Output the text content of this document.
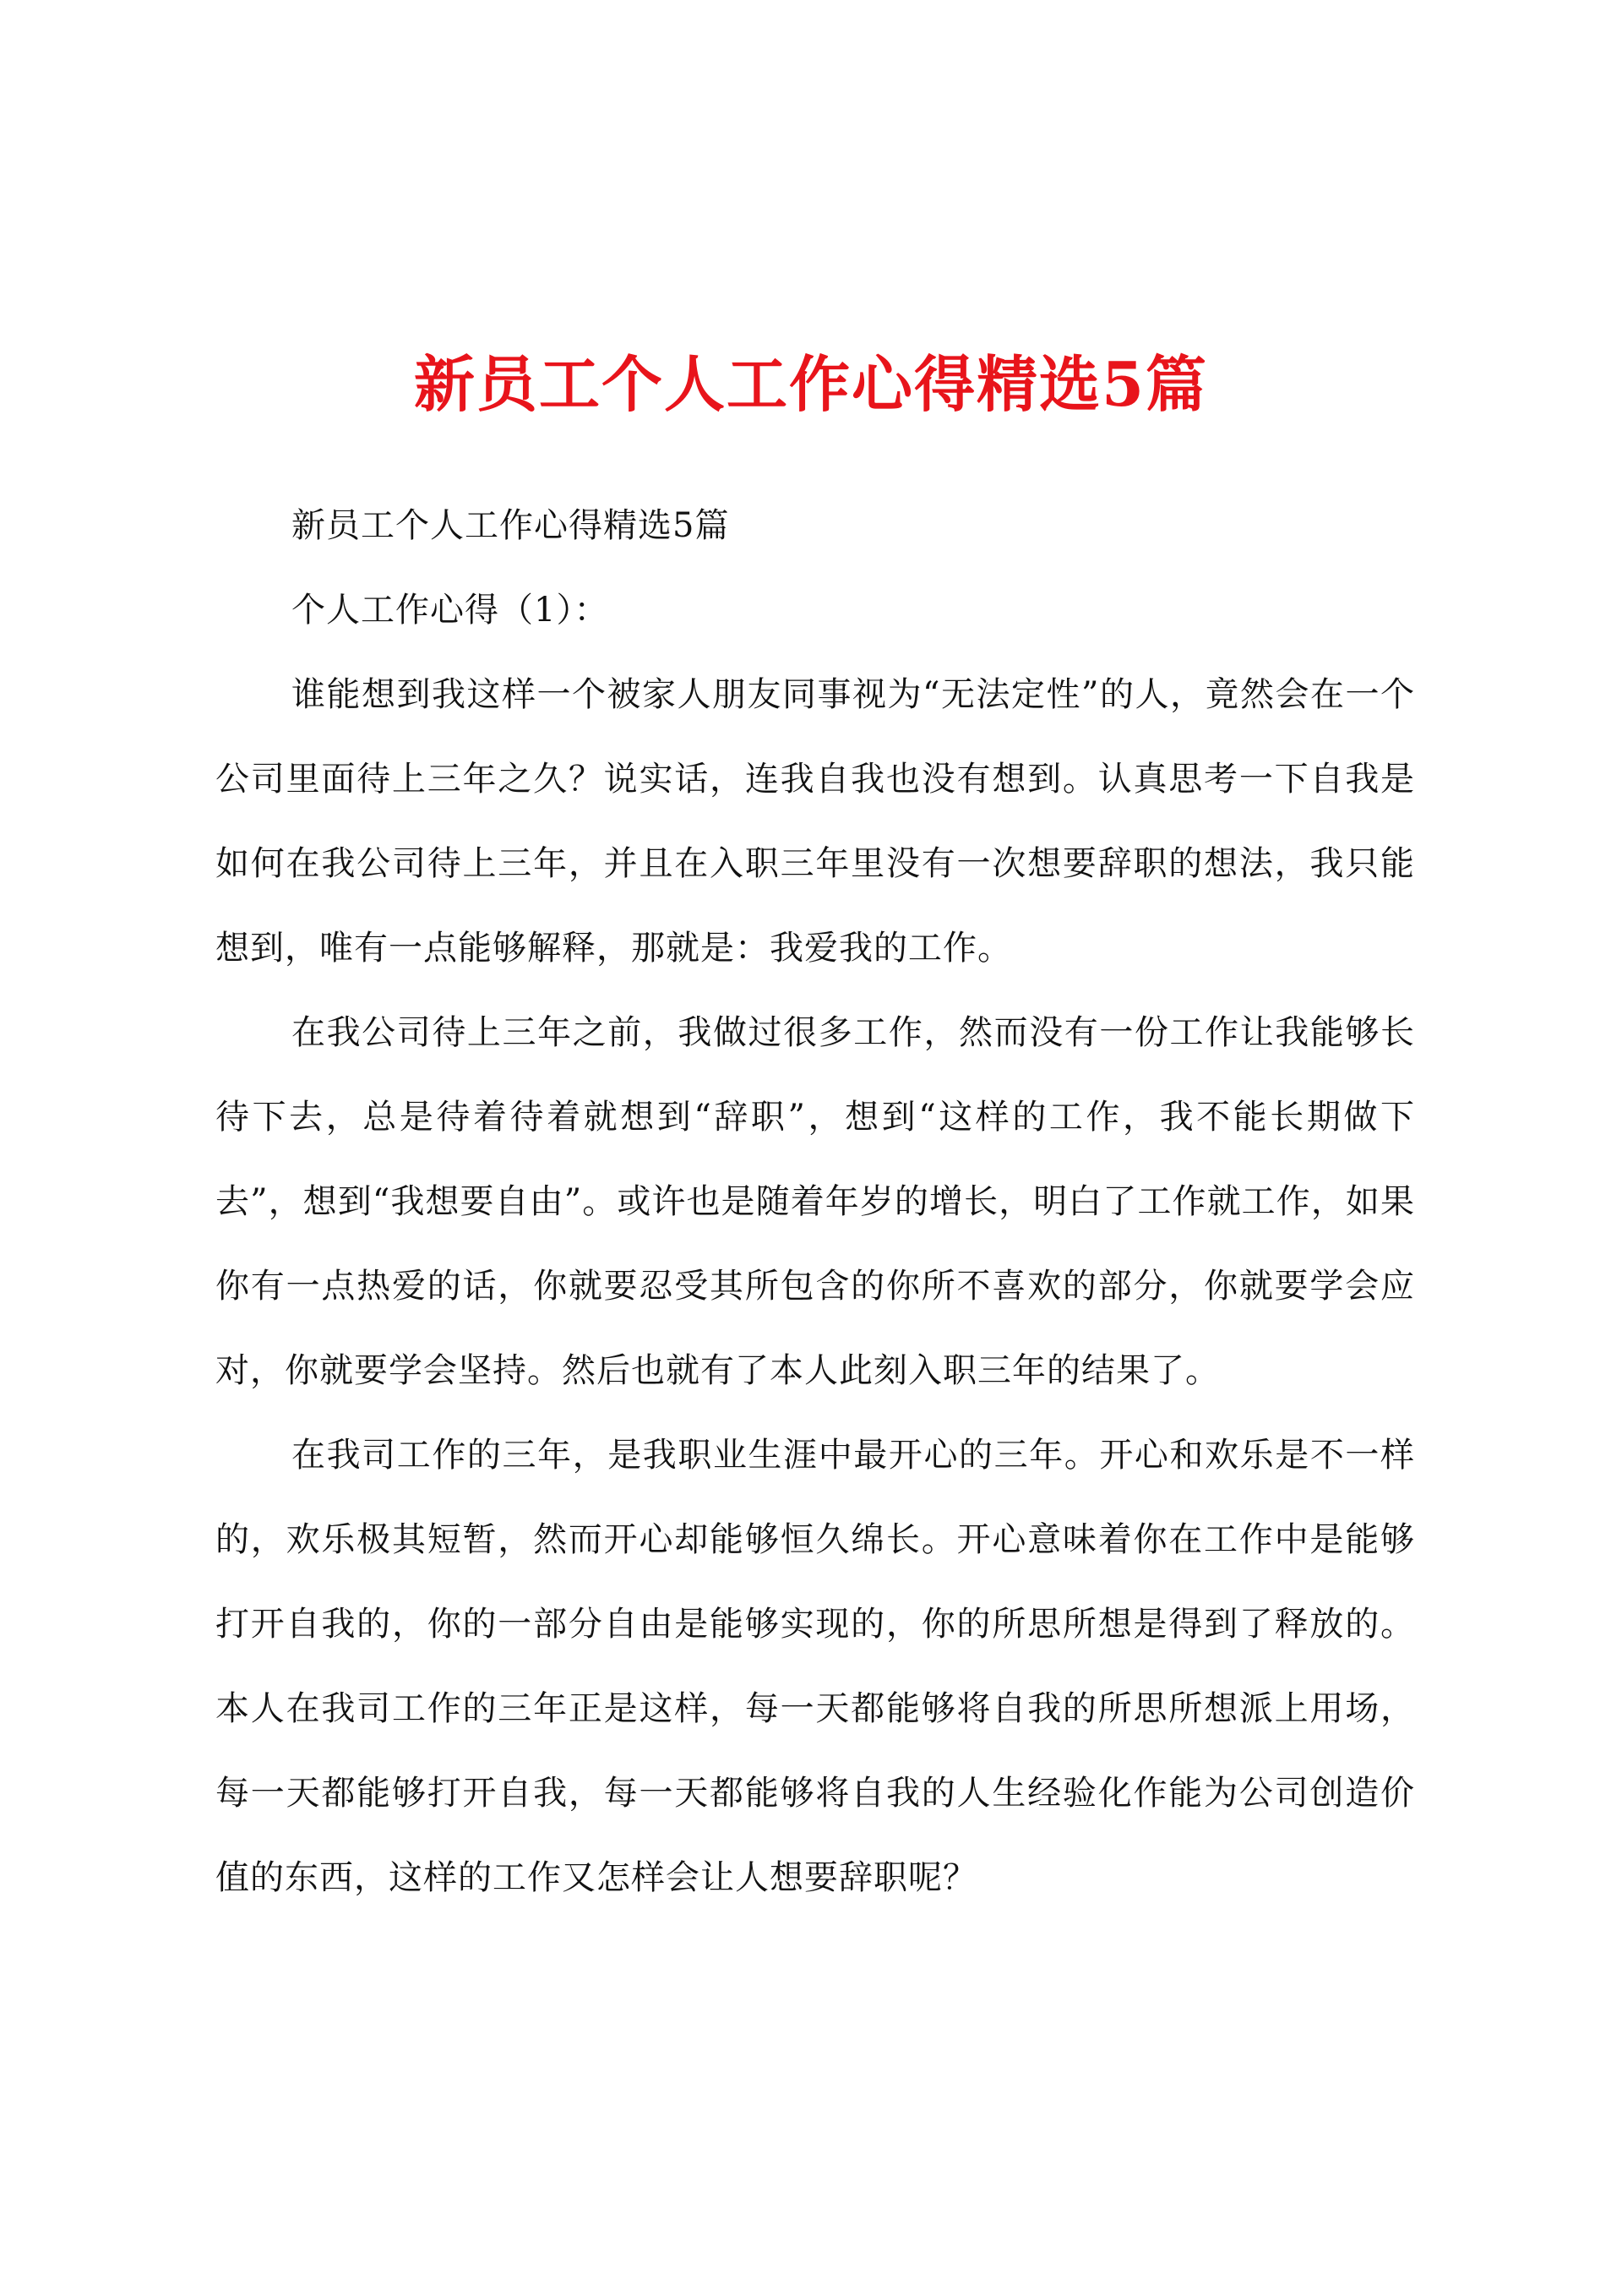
新员工个人工作心得精选5篇

新员工个人工作心得精选5篇

个人工作心得（1）：

谁能想到我这样一个被家人朋友同事视为“无法定性”的人，竟然会在一个公司里面待上三年之久？说实话，连我自我也没有想到。认真思考一下自我是如何在我公司待上三年，并且在入职三年里没有一次想要辞职的想法，我只能想到，唯有一点能够解释，那就是：我爱我的工作。

在我公司待上三年之前，我做过很多工作，然而没有一份工作让我能够长待下去，总是待着待着就想到“辞职”，想到“这样的工作，我不能长期做下去”，想到“我想要自由”。或许也是随着年岁的增长，明白了工作就工作，如果你有一点热爱的话，你就要忍受其所包含的你所不喜欢的部分，你就要学会应对，你就要学会坚持。然后也就有了本人此刻入职三年的结果了。

在我司工作的三年，是我职业生涯中最开心的三年。开心和欢乐是不一样的，欢乐极其短暂，然而开心却能够恒久绵长。开心意味着你在工作中是能够打开自我的，你的一部分自由是能够实现的，你的所思所想是得到了释放的。本人在我司工作的三年正是这样，每一天都能够将自我的所思所想派上用场，每一天都能够打开自我，每一天都能够将自我的人生经验化作能为公司创造价值的东西，这样的工作又怎样会让人想要辞职呢？
